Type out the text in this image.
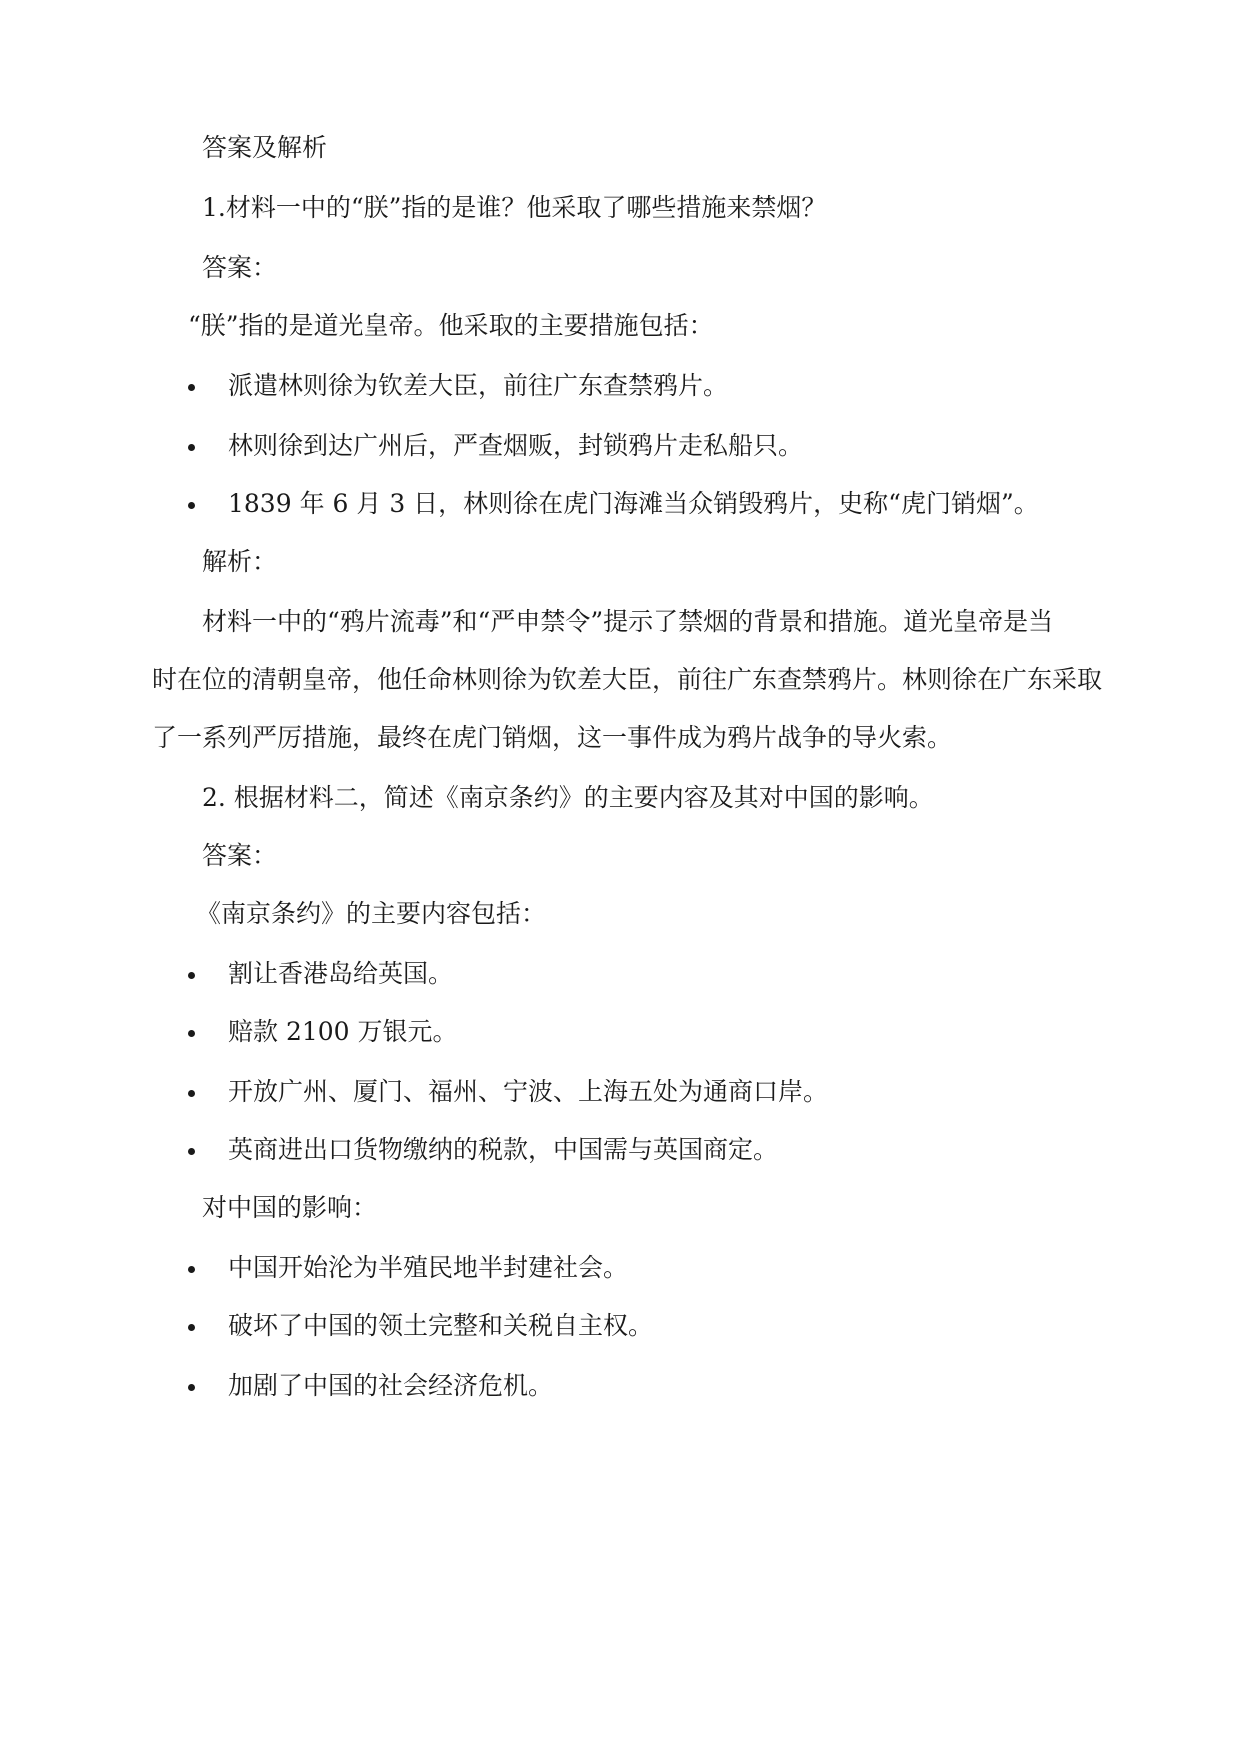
答案及解析
1.材料一中的“朕”指的是谁？他采取了哪些措施来禁烟？
答案：
“朕”指的是道光皇帝。他采取的主要措施包括：
派遣林则徐为钦差大臣，前往广东查禁鸦片。
林则徐到达广州后，严查烟贩，封锁鸦片走私船只。
1839 年 6 月 3 日，林则徐在虎门海滩当众销毁鸦片，史称“虎门销烟”。
解析：
材料一中的“鸦片流毒”和“严申禁令”提示了禁烟的背景和措施。道光皇帝是当
时在位的清朝皇帝，他任命林则徐为钦差大臣，前往广东查禁鸦片。林则徐在广东采取
了一系列严厉措施，最终在虎门销烟，这一事件成为鸦片战争的导火索。
2. 根据材料二，简述《南京条约》的主要内容及其对中国的影响。
答案：
《南京条约》的主要内容包括：
割让香港岛给英国。
赔款 2100 万银元。
开放广州、厦门、福州、宁波、上海五处为通商口岸。
英商进出口货物缴纳的税款，中国需与英国商定。
对中国的影响：
中国开始沦为半殖民地半封建社会。
破坏了中国的领土完整和关税自主权。
加剧了中国的社会经济危机。
